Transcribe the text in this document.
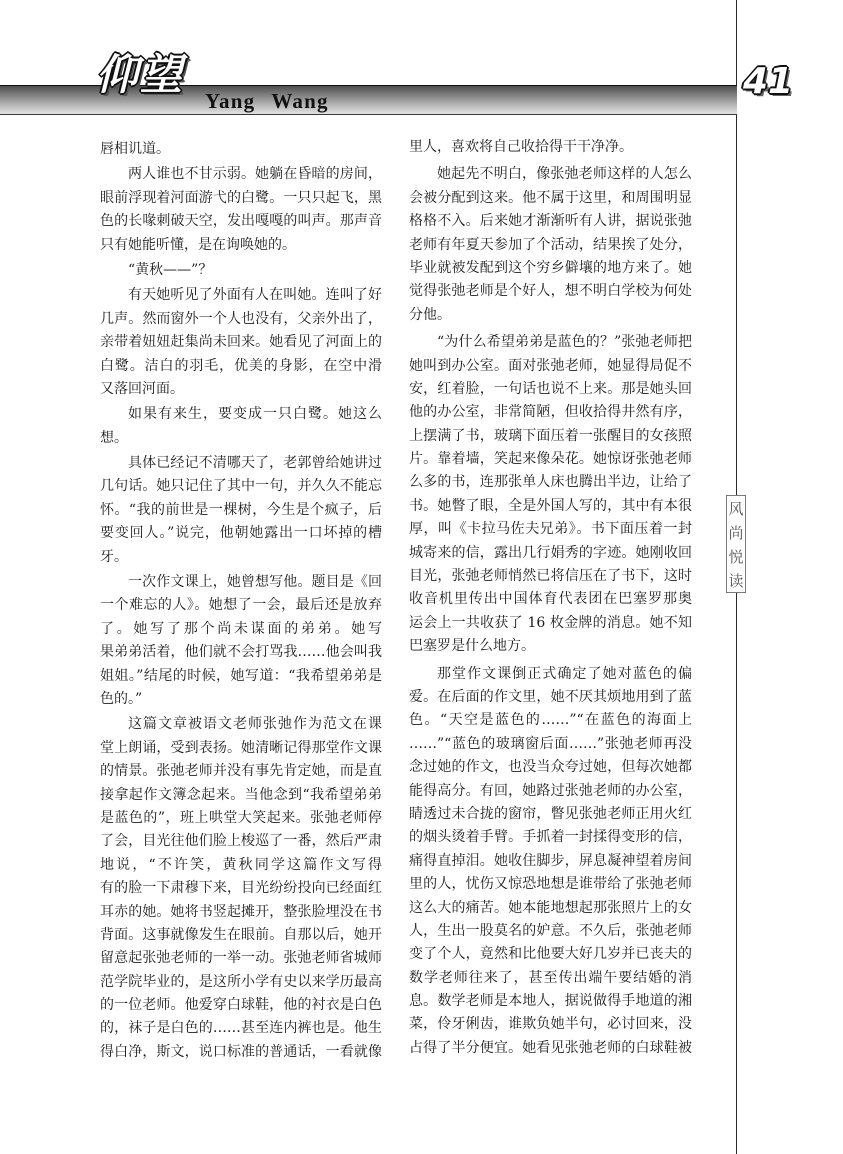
仰望
Yang Wang	41
风尚悦读
唇相讥道。
两人谁也不甘示弱。她躺在昏暗的房间，
眼前浮现着河面游弋的白鹭。一只只起飞，黑
色的长喙刺破天空，发出嘎嘎的叫声。那声音
只有她能听懂，是在询唤她的。
“黄秋——”？
有天她听见了外面有人在叫她。连叫了好
几声。然而窗外一个人也没有，父亲外出了，
亲带着妞妞赶集尚未回来。她看见了河面上的
白鹭。洁白的羽毛，优美的身影，在空中滑
又落回河面。
如果有来生，要变成一只白鹭。她这么
想。
具体已经记不清哪天了，老郭曾给她讲过
几句话。她只记住了其中一句，并久久不能忘
怀。“我的前世是一棵树，今生是个疯子，后
要变回人。”说完，他朝她露出一口坏掉的槽
牙。
一次作文课上，她曾想写他。题目是《回
一个难忘的人》。她想了一会，最后还是放弃
了。她写了那个尚未谋面的弟弟。她写
果弟弟活着，他们就不会打骂我……他会叫我
姐姐。”结尾的时候，她写道：“我希望弟弟是
色的。”
这篇文章被语文老师张弛作为范文在课
堂上朗诵，受到表扬。她清晰记得那堂作文课
的情景。张弛老师并没有事先肯定她，而是直
接拿起作文簿念起来。当他念到“我希望弟弟
是蓝色的”，班上哄堂大笑起来。张弛老师停
了会，目光往他们脸上梭巡了一番，然后严肃
地说，“不许笑，黄秋同学这篇作文写得
有的脸一下肃穆下来，目光纷纷投向已经面红
耳赤的她。她将书竖起摊开，整张脸埋没在书
背面。这事就像发生在眼前。自那以后，她开
留意起张弛老师的一举一动。张弛老师省城师
范学院毕业的，是这所小学有史以来学历最高
的一位老师。他爱穿白球鞋，他的衬衣是白色
的，袜子是白色的……甚至连内裤也是。他生
得白净，斯文，说口标准的普通话，一看就像
里人，喜欢将自己收拾得干干净净。
她起先不明白，像张弛老师这样的人怎么
会被分配到这来。他不属于这里，和周围明显
格格不入。后来她才渐渐听有人讲，据说张弛
老师有年夏天参加了个活动，结果挨了处分，
毕业就被发配到这个穷乡僻壤的地方来了。她
觉得张弛老师是个好人，想不明白学校为何处
分他。
“为什么希望弟弟是蓝色的？”张弛老师把
她叫到办公室。面对张弛老师，她显得局促不
安，红着脸，一句话也说不上来。那是她头回
他的办公室，非常简陋，但收拾得井然有序，
上摆满了书，玻璃下面压着一张醒目的女孩照
片。靠着墙，笑起来像朵花。她惊讶张弛老师
么多的书，连那张单人床也腾出半边，让给了
书。她瞥了眼，全是外国人写的，其中有本很
厚，叫《卡拉马佐夫兄弟》。书下面压着一封
城寄来的信，露出几行娟秀的字迹。她刚收回
目光，张弛老师悄然已将信压在了书下，这时
收音机里传出中国体育代表团在巴塞罗那奥
运会上一共收获了 16 枚金牌的消息。她不知
巴塞罗是什么地方。
那堂作文课倒正式确定了她对蓝色的偏
爱。在后面的作文里，她不厌其烦地用到了蓝
色。“天空是蓝色的……”“在蓝色的海面上
……”“蓝色的玻璃窗后面……”张弛老师再没
念过她的作文，也没当众夸过她，但每次她都
能得高分。有回，她路过张弛老师的办公室，
睛透过未合拢的窗帘，瞥见张弛老师正用火红
的烟头烫着手臂。手抓着一封揉得变形的信，
痛得直掉泪。她收住脚步，屏息凝神望着房间
里的人，忧伤又惊恐地想是谁带给了张弛老师
这么大的痛苦。她本能地想起那张照片上的女
人，生出一股莫名的妒意。不久后，张弛老师
变了个人，竟然和比他要大好几岁并已丧夫的
数学老师往来了，甚至传出端午要结婚的消
息。数学老师是本地人，据说做得手地道的湘
菜，伶牙俐齿，谁欺负她半句，必讨回来，没
占得了半分便宜。她看见张弛老师的白球鞋被
